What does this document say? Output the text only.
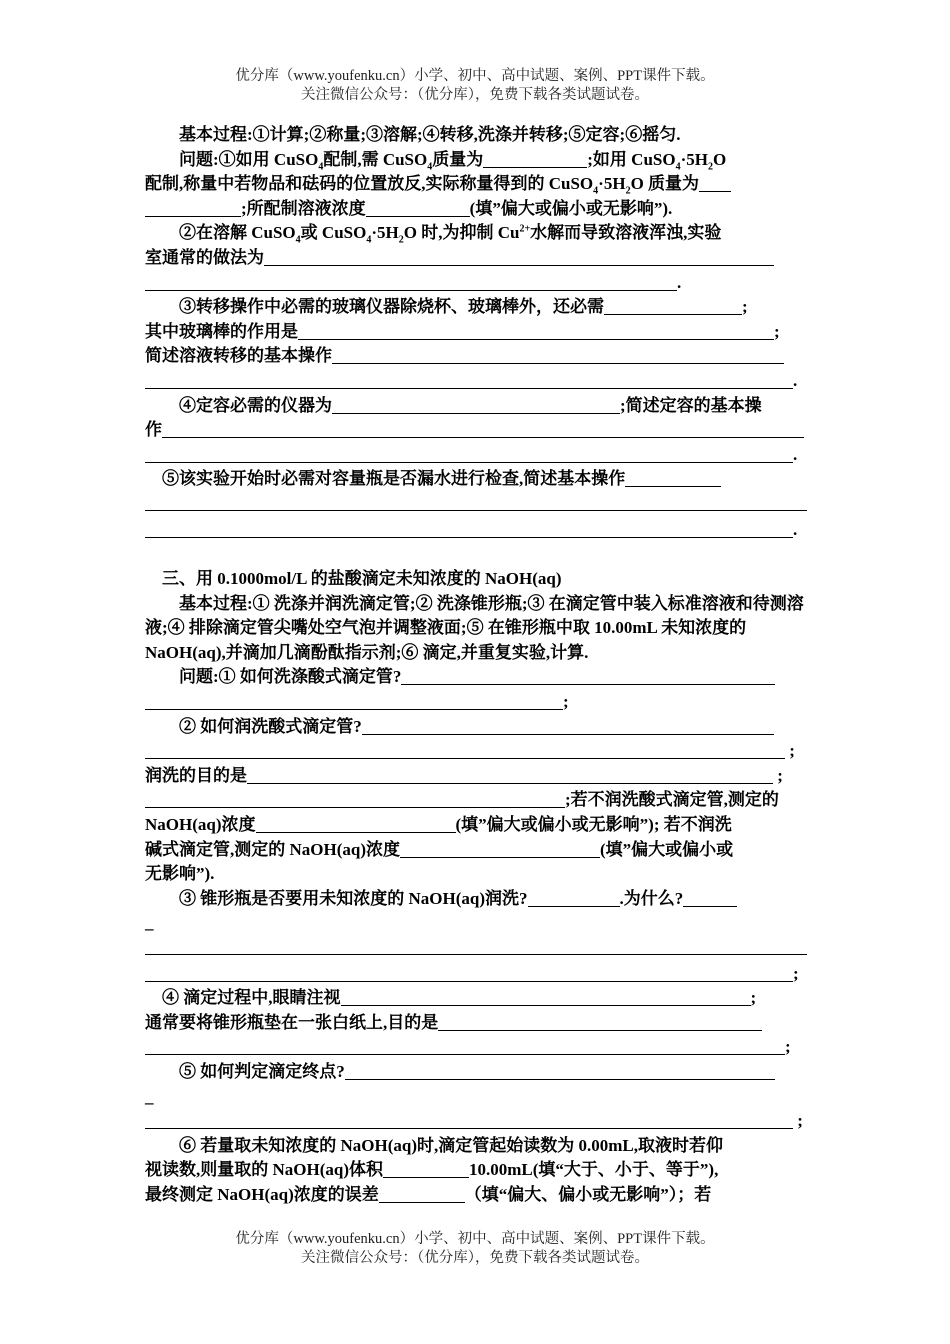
优分库（www.youfenku.cn）小学、初中、高中试题、案例、PPT课件下载。
关注微信公众号：（优分库），免费下载各类试题试卷。

基本过程:①计算;②称量;③溶解;④转移,洗涤并转移;⑤定容;⑥摇匀.

问题:①如用 CuSO$_4$配制,需 CuSO$_4$质量为	;如用 $CuSO_4\cdot 5H_2O$

配制,称量中若物品和砝码的位置放反,实际称量得到的 $CuSO_4\cdot 5H_2O$ 质量为

;所配制溶液浓度	(填”偏大或偏小或无影响”).

②在溶解 CuSO$_4$或 $CuSO_4\cdot 5H_2O$ 时,为抑制 $Cu^{2+}$水解而导致溶液浑浊,实验

室通常的做法为

.

③转移操作中必需的玻璃仪器除烧杯、玻璃棒外，还必需	;

其中玻璃棒的作用是	;

简述溶液转移的基本操作

.

④定容必需的仪器为	;简述定容的基本操

作

.

⑤该实验开始时必需对容量瓶是否漏水进行检查,简述基本操作

.

三、用 0.1000mol/L 的盐酸滴定未知浓度的 NaOH(aq)

基本过程:① 洗涤并润洗滴定管;② 洗涤锥形瓶;③ 在滴定管中装入标准溶液和待测溶液;④ 排除滴定管尖嘴处空气泡并调整液面;⑤ 在锥形瓶中取 10.00mL 未知浓度的 NaOH(aq),并滴加几滴酚酞指示剂;⑥ 滴定,并重复实验,计算.

问题:① 如何洗涤酸式滴定管?

;

② 如何润洗酸式滴定管?

;

润洗的目的是	;

;若不润洗酸式滴定管,测定的

NaOH(aq)浓度	(填”偏大或偏小或无影响”); 若不润洗

碱式滴定管,测定的 NaOH(aq)浓度	(填”偏大或偏小或

无影响”).

③ 锥形瓶是否要用未知浓度的 NaOH(aq)润洗?	.为什么?

_

;

④ 滴定过程中,眼睛注视	;

通常要将锥形瓶垫在一张白纸上,目的是

;

⑤ 如何判定滴定终点?

_

;

⑥ 若量取未知浓度的 NaOH(aq)时,滴定管起始读数为 0.00mL,取液时若仰

视读数,则量取的 NaOH(aq)体积	10.00mL(填“大于、小于、等于”),

最终测定 NaOH(aq)浓度的误差	（填“偏大、偏小或无影响”）；若

优分库（www.youfenku.cn）小学、初中、高中试题、案例、PPT课件下载。
关注微信公众号：（优分库），免费下载各类试题试卷。
